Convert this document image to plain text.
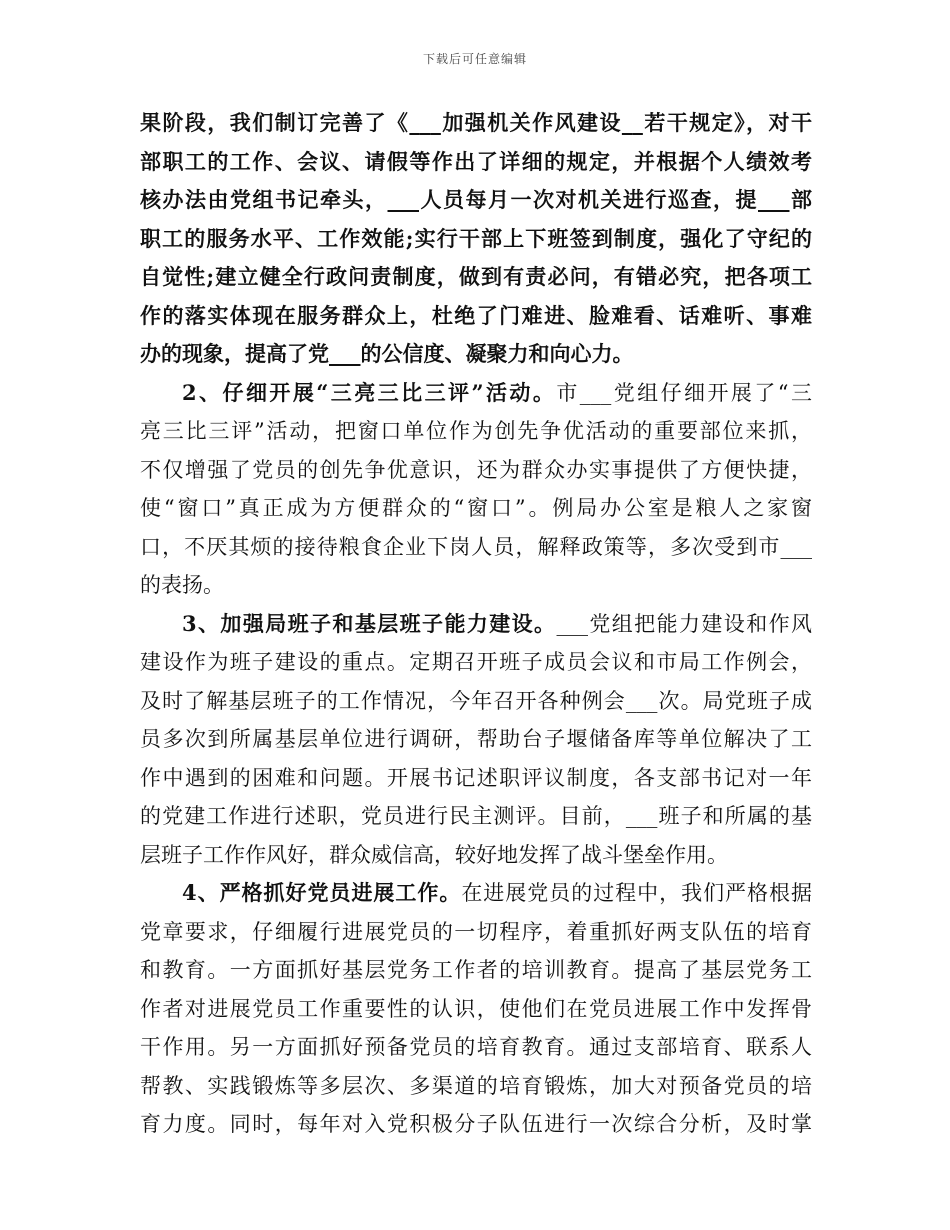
下载后可任意编辑
果阶段，我们制订完善了《___加强机关作风建设__若干规定》，对干
部职工的工作、会议、请假等作出了详细的规定，并根据个人绩效考
核办法由党组书记牵头，___人员每月一次对机关进行巡查，提___部
职工的服务水平、工作效能;实行干部上下班签到制度，强化了守纪的
自觉性;建立健全行政问责制度，做到有责必问，有错必究，把各项工
作的落实体现在服务群众上，杜绝了门难进、脸难看、话难听、事难
办的现象，提高了党___的公信度、凝聚力和向心力。
2、仔细开展“三亮三比三评”活动。市___党组仔细开展了“三
亮三比三评”活动，把窗口单位作为创先争优活动的重要部位来抓，
不仅增强了党员的创先争优意识，还为群众办实事提供了方便快捷，
使“窗口”真正成为方便群众的“窗口”。例局办公室是粮人之家窗
口，不厌其烦的接待粮食企业下岗人员，解释政策等，多次受到市___
的表扬。
3、加强局班子和基层班子能力建设。___党组把能力建设和作风
建设作为班子建设的重点。定期召开班子成员会议和市局工作例会，
及时了解基层班子的工作情况，今年召开各种例会___次。局党班子成
员多次到所属基层单位进行调研，帮助台子堰储备库等单位解决了工
作中遇到的困难和问题。开展书记述职评议制度，各支部书记对一年
的党建工作进行述职，党员进行民主测评。目前，___班子和所属的基
层班子工作作风好，群众威信高，较好地发挥了战斗堡垒作用。
4、严格抓好党员进展工作。在进展党员的过程中，我们严格根据
党章要求，仔细履行进展党员的一切程序，着重抓好两支队伍的培育
和教育。一方面抓好基层党务工作者的培训教育。提高了基层党务工
作者对进展党员工作重要性的认识，使他们在党员进展工作中发挥骨
干作用。另一方面抓好预备党员的培育教育。通过支部培育、联系人
帮教、实践锻炼等多层次、多渠道的培育锻炼，加大对预备党员的培
育力度。同时，每年对入党积极分子队伍进行一次综合分析，及时掌
